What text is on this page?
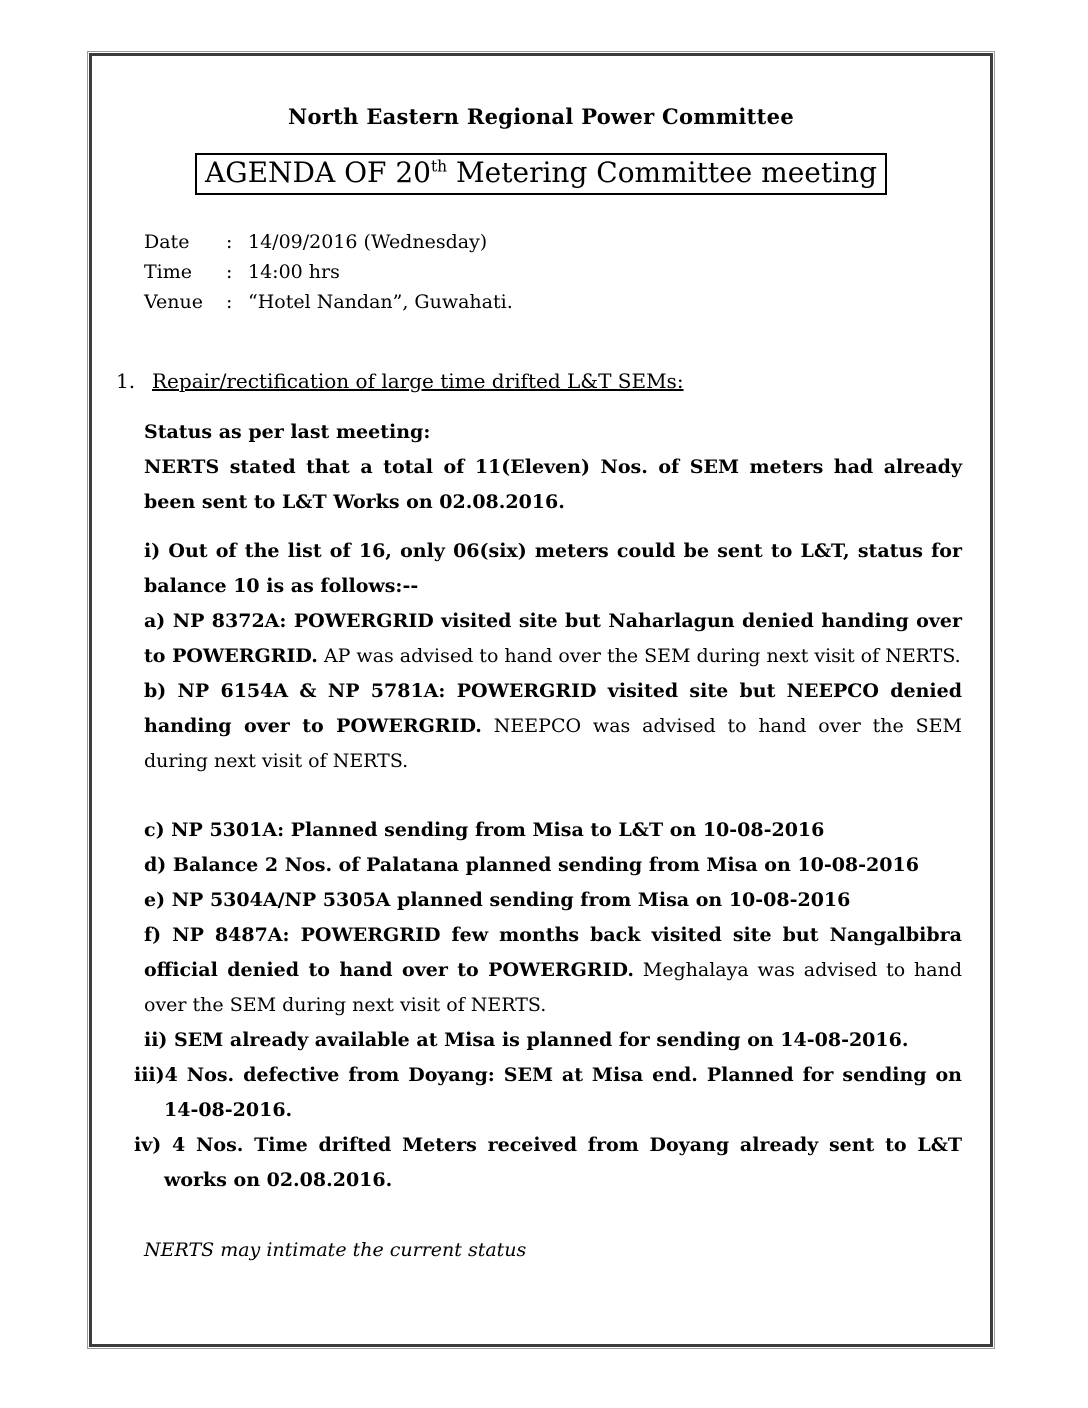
North Eastern Regional Power Committee
AGENDA OF 20th Metering Committee meeting
Date	: 14/09/2016 (Wednesday)
Time	: 14:00 hrs
Venue	: “Hotel Nandan”, Guwahati.
1. Repair/rectification of large time drifted L&T SEMs:

Status as per last meeting:

NERTS stated that a total of 11(Eleven) Nos. of SEM meters had already been sent to L&T Works on 02.08.2016.

i) Out of the list of 16, only 06(six) meters could be sent to L&T, status for balance 10 is as follows:--

a) NP 8372A: POWERGRID visited site but Naharlagun denied handing over to POWERGRID. AP was advised to hand over the SEM during next visit of NERTS.

b) NP 6154A & NP 5781A: POWERGRID visited site but NEEPCO denied handing over to POWERGRID. NEEPCO was advised to hand over the SEM during next visit of NERTS.

c) NP 5301A: Planned sending from Misa to L&T on 10-08-2016

d) Balance 2 Nos. of Palatana planned sending from Misa on 10-08-2016

e) NP 5304A/NP 5305A planned sending from Misa on 10-08-2016

f) NP 8487A: POWERGRID few months back visited site but Nangalbibra official denied to hand over to POWERGRID. Meghalaya was advised to hand over the SEM during next visit of NERTS.

ii) SEM already available at Misa is planned for sending on 14-08-2016.

iii)4 Nos. defective from Doyang: SEM at Misa end. Planned for sending on 14-08-2016.

iv) 4 Nos. Time drifted Meters received from Doyang already sent to L&T works on 02.08.2016.

NERTS may intimate the current status
